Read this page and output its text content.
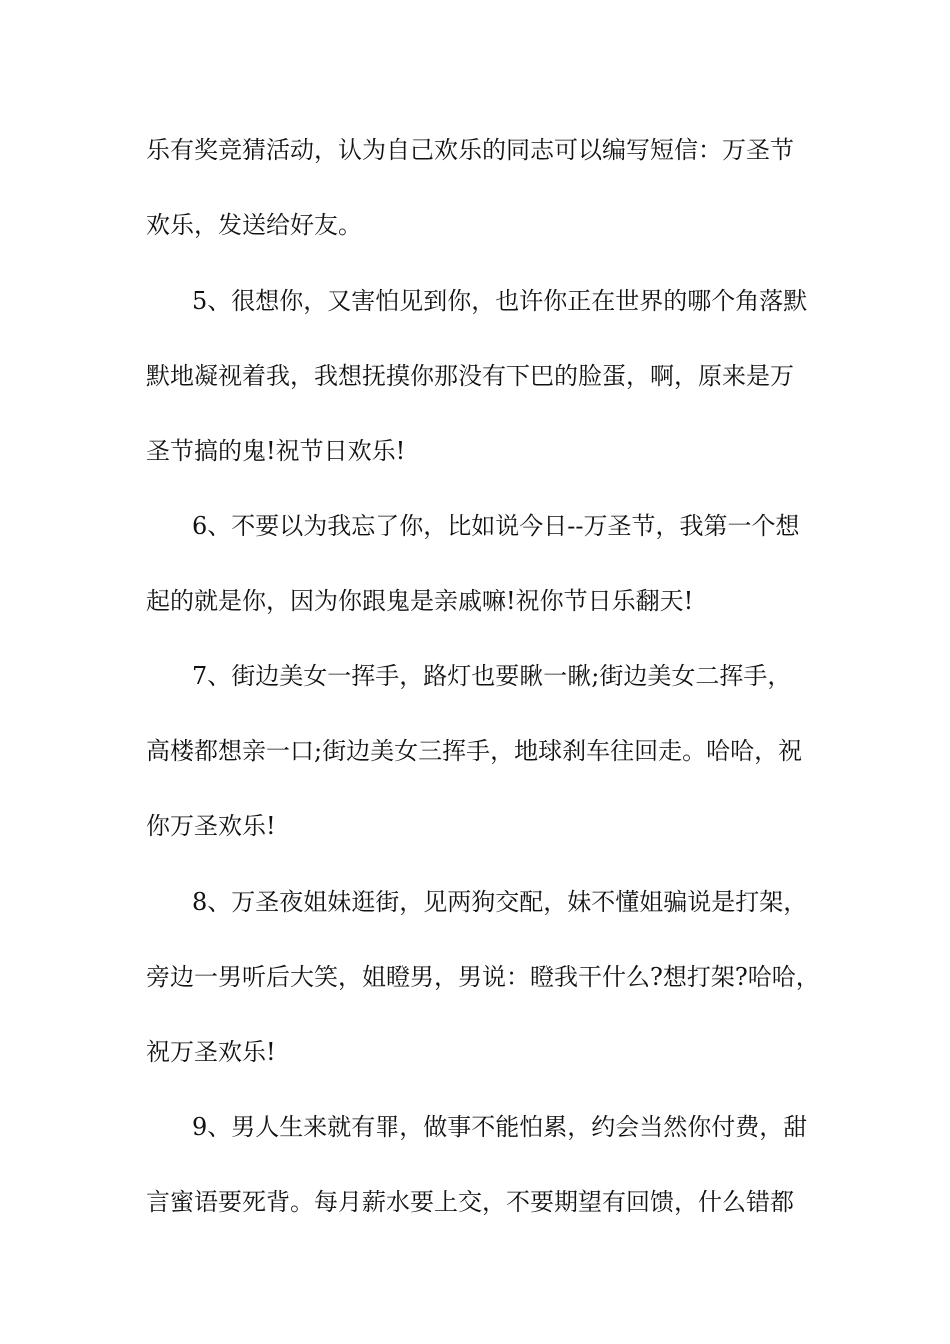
乐有奖竞猜活动，认为自己欢乐的同志可以编写短信：万圣节
欢乐，发送给好友。
5、很想你，又害怕见到你，也许你正在世界的哪个角落默
默地凝视着我，我想抚摸你那没有下巴的脸蛋，啊，原来是万
圣节搞的鬼!祝节日欢乐!
6、不要以为我忘了你，比如说今日--万圣节，我第一个想
起的就是你，因为你跟鬼是亲戚嘛!祝你节日乐翻天!
7、街边美女一挥手，路灯也要瞅一瞅;街边美女二挥手，
高楼都想亲一口;街边美女三挥手，地球刹车往回走。哈哈，祝
你万圣欢乐!
8、万圣夜姐妹逛街，见两狗交配，妹不懂姐骗说是打架，
旁边一男听后大笑，姐瞪男，男说：瞪我干什么?想打架?哈哈，
祝万圣欢乐!
9、男人生来就有罪，做事不能怕累，约会当然你付费，甜
言蜜语要死背。每月薪水要上交，不要期望有回馈，什么错都
